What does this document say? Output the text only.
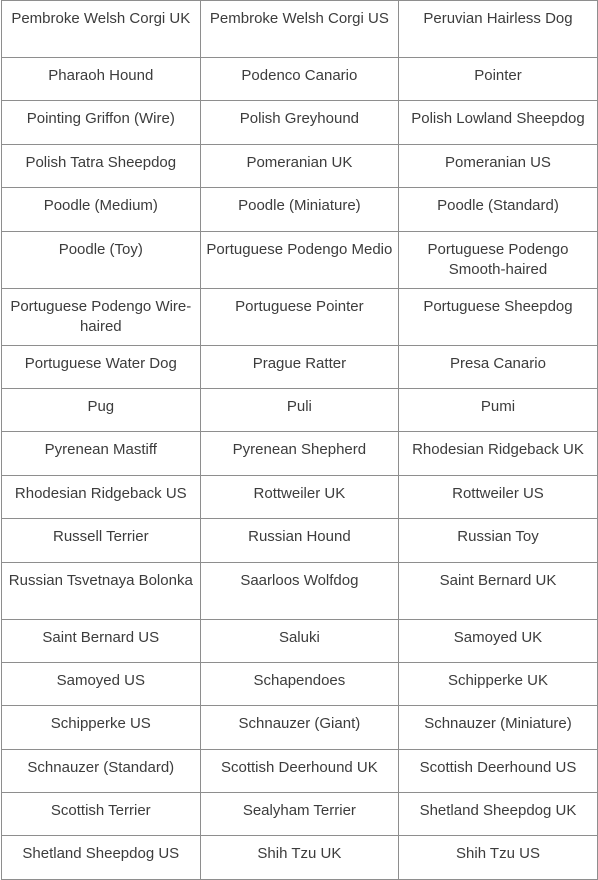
Pembroke Welsh Corgi UK	Pembroke Welsh Corgi US	Peruvian Hairless Dog
Pharaoh Hound	Podenco Canario	Pointer
Pointing Griffon (Wire)	Polish Greyhound	Polish Lowland Sheepdog
Polish Tatra Sheepdog	Pomeranian UK	Pomeranian US
Poodle (Medium)	Poodle (Miniature)	Poodle (Standard)
Poodle (Toy)	Portuguese Podengo Medio	Portuguese Podengo Smooth-haired
Portuguese Podengo Wire-haired	Portuguese Pointer	Portuguese Sheepdog
Portuguese Water Dog	Prague Ratter	Presa Canario
Pug	Puli	Pumi
Pyrenean Mastiff	Pyrenean Shepherd	Rhodesian Ridgeback UK
Rhodesian Ridgeback US	Rottweiler UK	Rottweiler US
Russell Terrier	Russian Hound	Russian Toy
Russian Tsvetnaya Bolonka	Saarloos Wolfdog	Saint Bernard UK
Saint Bernard US	Saluki	Samoyed UK
Samoyed US	Schapendoes	Schipperke UK
Schipperke US	Schnauzer (Giant)	Schnauzer (Miniature)
Schnauzer (Standard)	Scottish Deerhound UK	Scottish Deerhound US
Scottish Terrier	Sealyham Terrier	Shetland Sheepdog UK
Shetland Sheepdog US	Shih Tzu UK	Shih Tzu US
